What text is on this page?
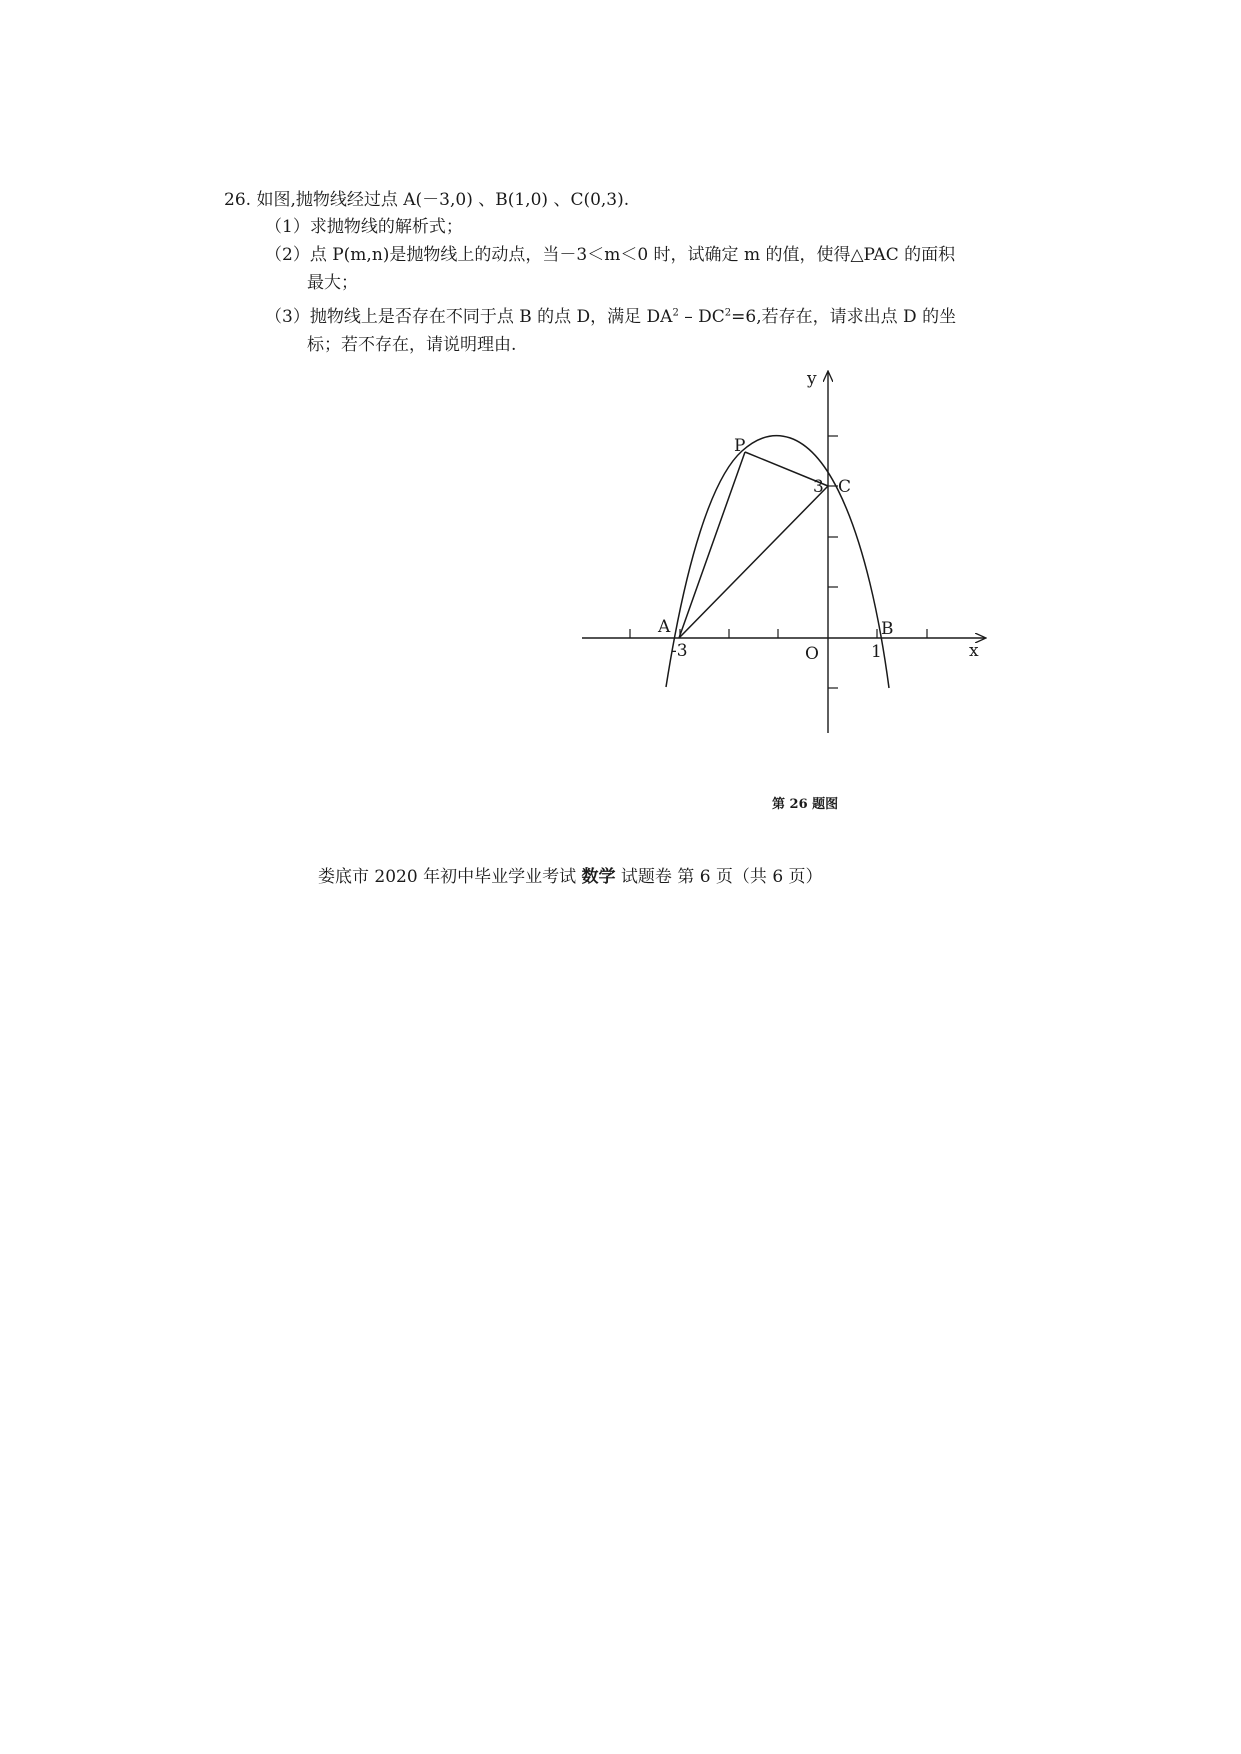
26. 如图,抛物线经过点 A(－3,0) 、B(1,0) 、C(0,3).
（1）求抛物线的解析式；
（2）点 P(m,n)是抛物线上的动点，当－3＜m＜0 时，试确定 m 的值，使得△PAC 的面积
最大；
（3）抛物线上是否存在不同于点 B 的点 D，满足 $DA^2 - DC^2=6$,若存在，请求出点 D 的坐
标；若不存在，请说明理由.
y
x
O
A	B
C
P
-3	1
3
第 26 题图
娄底市 2020 年初中毕业学业考试 数学 试题卷 第 6 页（共 6 页）
